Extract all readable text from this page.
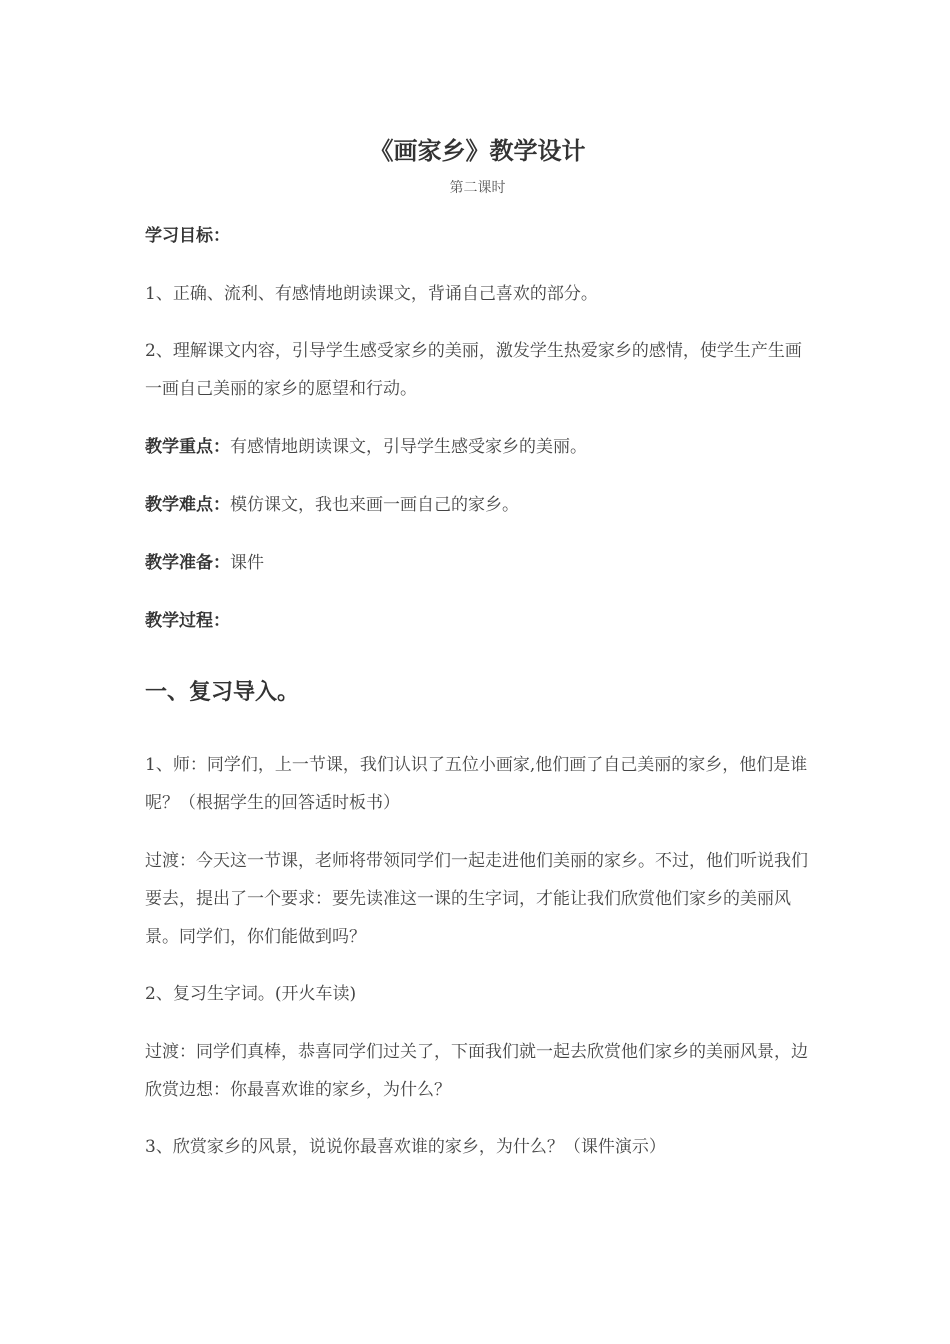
《画家乡》教学设计
第二课时

学习目标：

1、正确、流利、有感情地朗读课文，背诵自己喜欢的部分。

2、理解课文内容，引导学生感受家乡的美丽，激发学生热爱家乡的感情，使学生产生画一画自己美丽的家乡的愿望和行动。

教学重点：有感情地朗读课文，引导学生感受家乡的美丽。

教学难点：模仿课文，我也来画一画自己的家乡。

教学准备：课件

教学过程：

一、复习导入。

1、师：同学们，上一节课，我们认识了五位小画家,他们画了自己美丽的家乡，他们是谁呢？（根据学生的回答适时板书）

过渡：今天这一节课，老师将带领同学们一起走进他们美丽的家乡。不过，他们听说我们要去，提出了一个要求：要先读准这一课的生字词，才能让我们欣赏他们家乡的美丽风景。同学们，你们能做到吗？

2、复习生字词。(开火车读)

过渡：同学们真棒，恭喜同学们过关了，下面我们就一起去欣赏他们家乡的美丽风景，边欣赏边想：你最喜欢谁的家乡，为什么？

3、欣赏家乡的风景，说说你最喜欢谁的家乡，为什么？（课件演示）
